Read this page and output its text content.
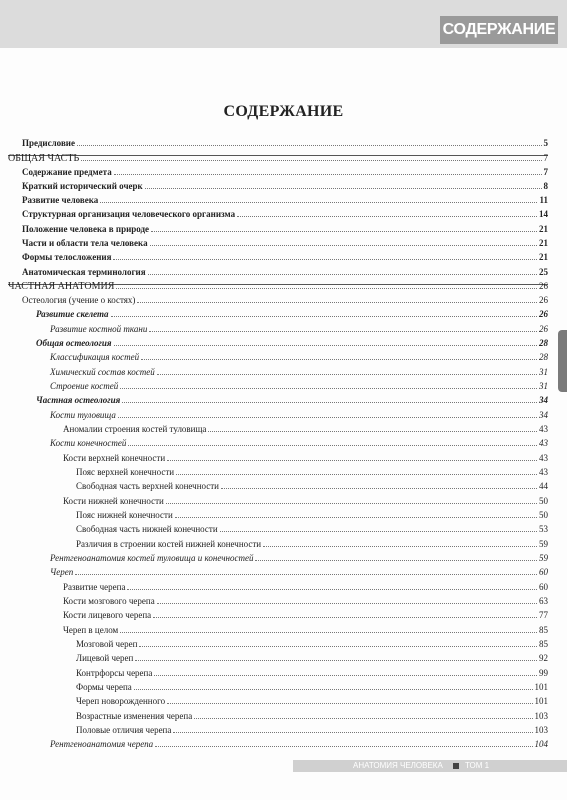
СОДЕРЖАНИЕ
СОДЕРЖАНИЕ
Предисловие	5
ОБЩАЯ ЧАСТЬ	7
Содержание предмета	7
Краткий исторический очерк	8
Развитие человека	11
Структурная организация человеческого организма	14
Положение человека в природе	21
Части и области тела человека	21
Формы телосложения	21
Анатомическая терминология	25
ЧАСТНАЯ АНАТОМИЯ	26
Остеология (учение о костях)	26
Развитие скелета	26
Развитие костной ткани	26
Общая остеология	28
Классификация костей	28
Химический состав костей	31
Строение костей	31
Частная остеология	34
Кости туловища	34
Аномалии строения костей туловища	43
Кости конечностей	43
Кости верхней конечности	43
Пояс верхней конечности	43
Свободная часть верхней конечности	44
Кости нижней конечности	50
Пояс нижней конечности	50
Свободная часть нижней конечности	53
Различия в строении костей нижней конечности	59
Рентгеноанатомия костей туловища и конечностей	59
Череп	60
Развитие черепа	60
Кости мозгового черепа	63
Кости лицевого черепа	77
Череп в целом	85
Мозговой череп	85
Лицевой череп	92
Контрфорсы черепа	99
Формы черепа	101
Череп новорожденного	101
Возрастные изменения черепа	103
Половые отличия черепа	103
Рентгеноанатомия черепа	104
АНАТОМИЯ ЧЕЛОВЕКА	ТОМ 1
